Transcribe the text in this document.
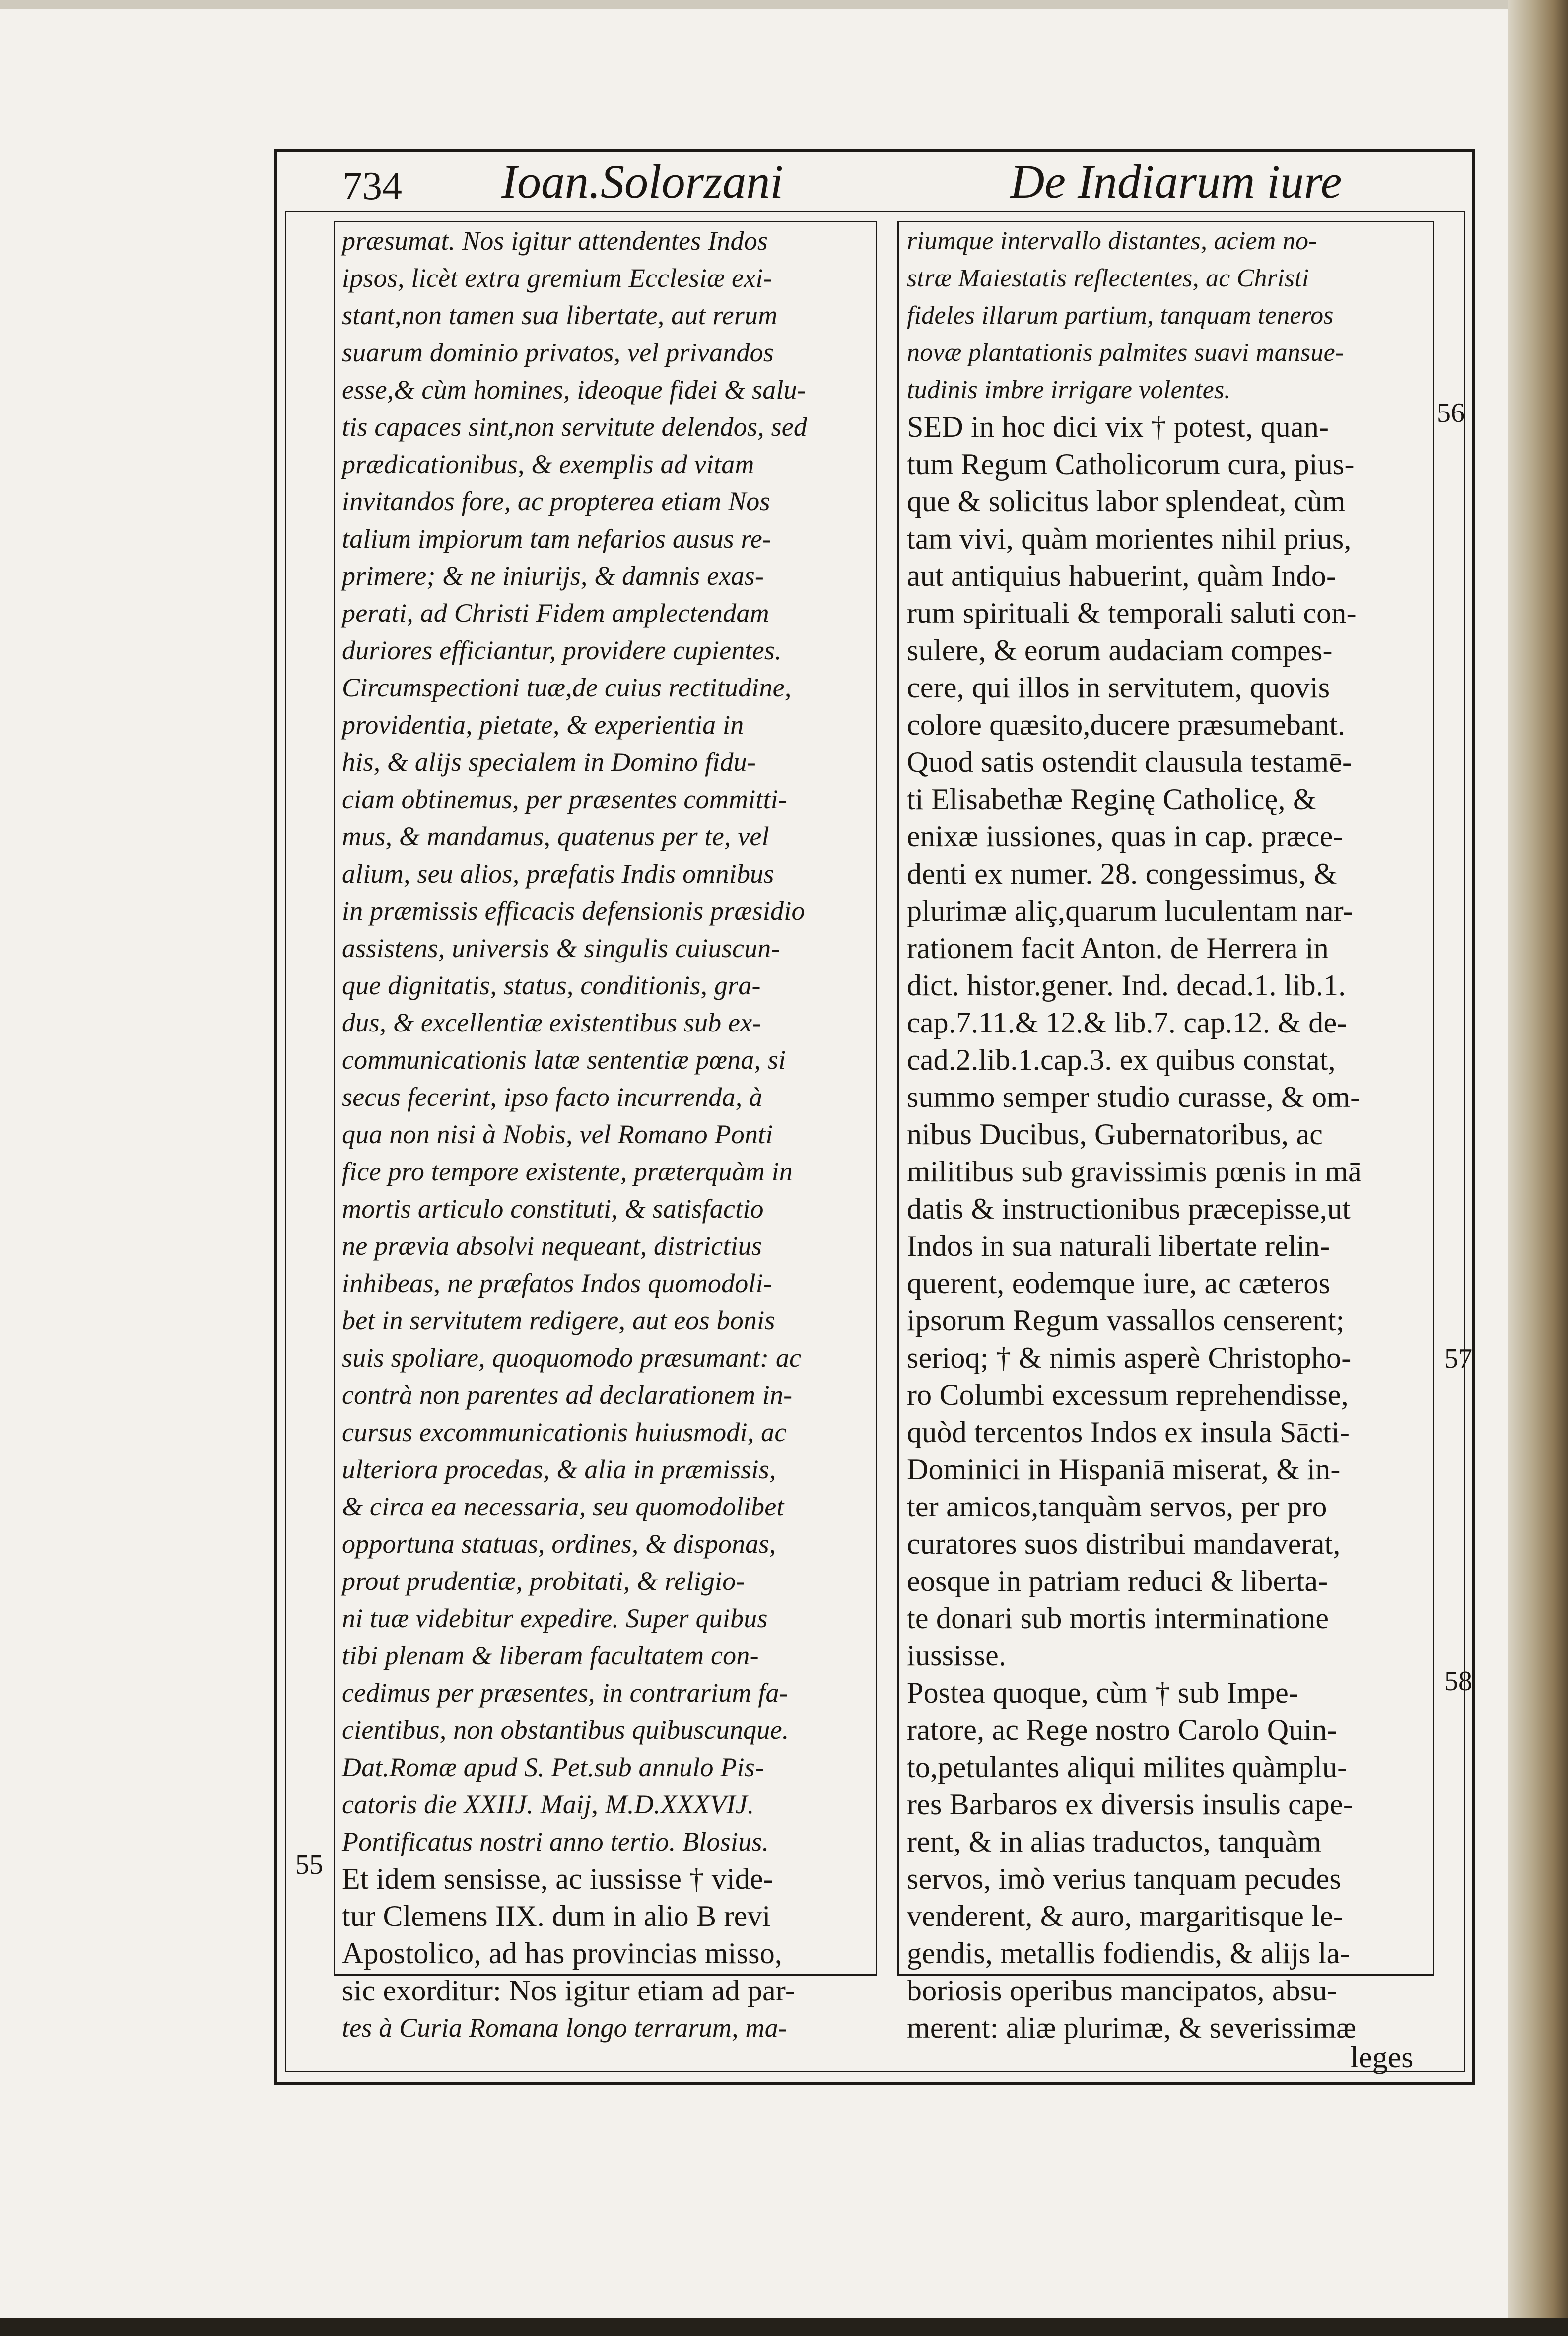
734 Ioan.Solorzani	De Indiarum iure
præsumat. Nos igitur attendentes Indos
ipsos, licèt extra gremium Ecclesiæ exi-
stant,non tamen sua libertate, aut rerum
suarum dominio privatos, vel privandos
esse,& cùm homines, ideoque fidei & salu-
tis capaces sint,non servitute delendos, sed
prædicationibus, & exemplis ad vitam
invitandos fore, ac propterea etiam Nos
talium impiorum tam nefarios ausus re-
primere; & ne iniurijs, & damnis exas-
perati, ad Christi Fidem amplectendam
duriores efficiantur, providere cupientes.
Circumspectioni tuæ,de cuius rectitudine,
providentia, pietate, & experientia in
his, & alijs specialem in Domino fidu-
ciam obtinemus, per præsentes committi-
mus, & mandamus, quatenus per te, vel
alium, seu alios, præfatis Indis omnibus
in præmissis efficacis defensionis præsidio
assistens, universis & singulis cuiuscun-
que dignitatis, status, conditionis, gra-
dus, & excellentiæ existentibus sub ex-
communicationis latæ sententiæ pœna, si
secus fecerint, ipso facto incurrenda, à
qua non nisi à Nobis, vel Romano Ponti
fice pro tempore existente, præterquàm in
mortis articulo constituti, & satisfactio
ne prævia absolvi nequeant, districtius
inhibeas, ne præfatos Indos quomodoli-
bet in servitutem redigere, aut eos bonis
suis spoliare, quoquomodo præsumant: ac
contrà non parentes ad declarationem in-
cursus excommunicationis huiusmodi, ac
ulteriora procedas, & alia in præmissis,
& circa ea necessaria, seu quomodolibet
opportuna statuas, ordines, & disponas,
prout prudentiæ, probitati, & religio-
ni tuæ videbitur expedire. Super quibus
tibi plenam & liberam facultatem con-
cedimus per præsentes, in contrarium fa-
cientibus, non obstantibus quibuscunque.
Dat.Romæ apud S. Pet.sub annulo Pis-
catoris die XXIIJ. Maij, M.D.XXXVIJ.
Pontificatus nostri anno tertio. Blosius.
Et idem sensisse, ac iussisse † vide-
tur Clemens IIX. dum in alio B revi
Apostolico, ad has provincias misso,
sic exorditur: Nos igitur etiam ad par-
tes à Curia Romana longo terrarum, ma-
riumque intervallo distantes, aciem no-
stræ Maiestatis reflectentes, ac Christi
fideles illarum partium, tanquam teneros
novæ plantationis palmites suavi mansue-
tudinis imbre irrigare volentes.
SED in hoc dici vix † potest, quan-
tum Regum Catholicorum cura, pius-
que & solicitus labor splendeat, cùm
tam vivi, quàm morientes nihil prius,
aut antiquius habuerint, quàm Indo-
rum spirituali & temporali saluti con-
sulere, & eorum audaciam compes-
cere, qui illos in servitutem, quovis
colore quæsito,ducere præsumebant.
Quod satis ostendit clausula testamē-
ti Elisabethæ Reginę Catholicę, &
enixæ iussiones, quas in cap. præce-
denti ex numer. 28. congessimus, &
plurimæ aliç,quarum luculentam nar-
rationem facit Anton. de Herrera in
dict. histor.gener. Ind. decad.1. lib.1.
cap.7.11.& 12.& lib.7. cap.12. & de-
cad.2.lib.1.cap.3. ex quibus constat,
summo semper studio curasse, & om-
nibus Ducibus, Gubernatoribus, ac
militibus sub gravissimis pœnis in mā
datis & instructionibus præcepisse,ut
Indos in sua naturali libertate relin-
querent, eodemque iure, ac cæteros
ipsorum Regum vassallos censerent;
serioq; † & nimis asperè Christopho-
ro Columbi excessum reprehendisse,
quòd tercentos Indos ex insula Sācti-
Dominici in Hispaniā miserat, & in-
ter amicos,tanquàm servos, per pro
curatores suos distribui mandaverat,
eosque in patriam reduci & liberta-
te donari sub mortis interminatione
iussisse.
Postea quoque, cùm † sub Impe-
ratore, ac Rege nostro Carolo Quin-
to,petulantes aliqui milites quàmplu-
res Barbaros ex diversis insulis cape-
rent, & in alias traductos, tanquàm
servos, imò verius tanquam pecudes
venderent, & auro, margaritisque le-
gendis, metallis fodiendis, & alijs la-
boriosis operibus mancipatos, absu-
merent: aliæ plurimæ, & severissimæ
55
56
57
58
leges
